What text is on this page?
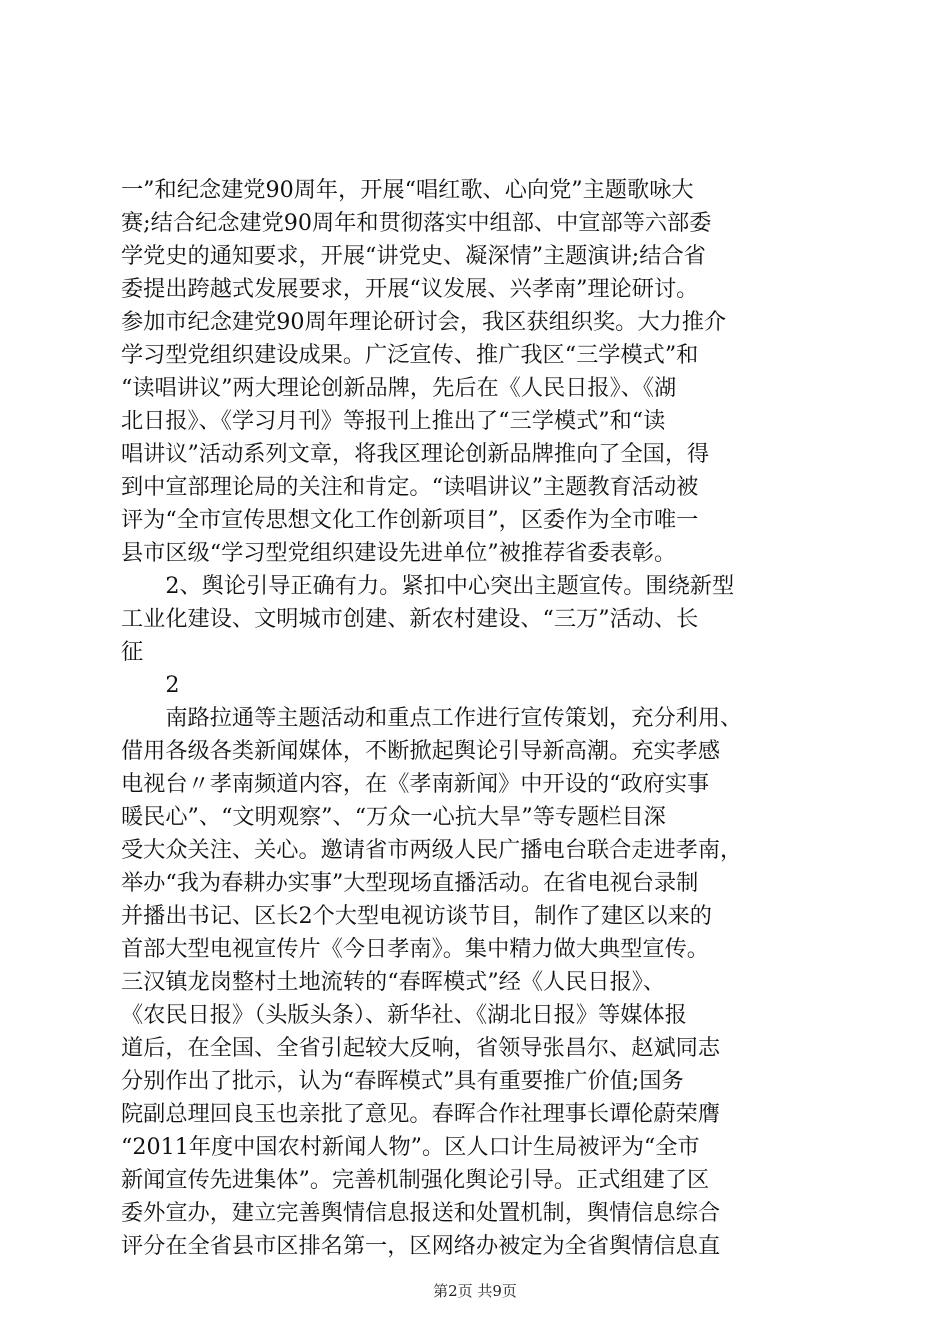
一”和纪念建党90周年，开展“唱红歌、心向党”主题歌咏大
赛;结合纪念建党90周年和贯彻落实中组部、中宣部等六部委
学党史的通知要求，开展“讲党史、凝深情”主题演讲;结合省
委提出跨越式发展要求，开展“议发展、兴孝南”理论研讨。
参加市纪念建党90周年理论研讨会，我区获组织奖。大力推介
学习型党组织建设成果。广泛宣传、推广我区“三学模式”和
“读唱讲议”两大理论创新品牌，先后在《人民日报》、《湖
北日报》、《学习月刊》等报刊上推出了“三学模式”和“读
唱讲议”活动系列文章，将我区理论创新品牌推向了全国，得
到中宣部理论局的关注和肯定。“读唱讲议”主题教育活动被
评为“全市宣传思想文化工作创新项目”，区委作为全市唯一
县市区级“学习型党组织建设先进单位”被推荐省委表彰。
　　2、舆论引导正确有力。紧扣中心突出主题宣传。围绕新型
工业化建设、文明城市创建、新农村建设、“三万”活动、长
征
　　2
　　南路拉通等主题活动和重点工作进行宣传策划，充分利用、
借用各级各类新闻媒体，不断掀起舆论引导新高潮。充实孝感
电视台〃孝南频道内容，在《孝南新闻》中开设的“政府实事
暖民心”、“文明观察”、“万众一心抗大旱”等专题栏目深
受大众关注、关心。邀请省市两级人民广播电台联合走进孝南，
举办“我为春耕办实事”大型现场直播活动。在省电视台录制
并播出书记、区长2个大型电视访谈节目，制作了建区以来的
首部大型电视宣传片《今日孝南》。集中精力做大典型宣传。
三汉镇龙岗整村土地流转的“春晖模式”经《人民日报》、
《农民日报》（头版头条）、新华社、《湖北日报》等媒体报
道后，在全国、全省引起较大反响，省领导张昌尔、赵斌同志
分别作出了批示，认为“春晖模式”具有重要推广价值;国务
院副总理回良玉也亲批了意见。春晖合作社理事长谭伦蔚荣膺
“2011年度中国农村新闻人物”。区人口计生局被评为“全市
新闻宣传先进集体”。完善机制强化舆论引导。正式组建了区
委外宣办，建立完善舆情信息报送和处置机制，舆情信息综合
评分在全省县市区排名第一，区网络办被定为全省舆情信息直
第2页 共9页
